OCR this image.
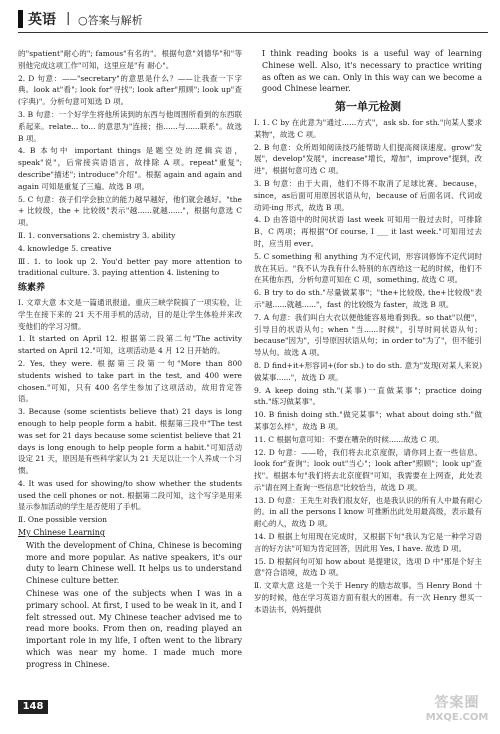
英语 | ○答案与解析

的"spatient"耐心的"; famous"有名的"。根据句意"刘德华"和"等别他完成这项工作"可知，这里应是"有 耐心"。

2. D 句意：——"secretary"的意思是什么？——让我查一下字典。look at"看"; look for"寻找"; look after"照顾"; look up"查(字典)"。分析句意可知选 D 项。

3. B 句意：一个好学生将他所读到的东西与他周围所看到的东西联系起来。relate... to... 的意思为"连接；指......与......联系"。故选 B 项。

4. B 本句中 important things 是题空处的逻辑宾语，speak"说"，后常接宾语语言，故排除 A 项。repeat"重复"; describe"描述"; introduce"介绍"。根据 again and again and again 可知是重复了三遍。故选 B 项。

5. C 句意：孩子们学会独立的能力越早越好，他们就会越好。"the + 比较级，the + 比较级"表示"越......就越......"，根据句意选 C 项。

Ⅱ. 1. conversations 2. chemistry 3. ability

4. knowledge 5. creative

Ⅲ. 1. to look up 2. You'd better pay more attention to traditional culture. 3. paying attention 4. listening to

练素养

Ⅰ. 文章大意 本文是一篇通讯报道。重庆三峡学院搞了一项实验，让学生在接下来的 21 天不用手机的活动，目的是让学生体验并来改变他们的学习习惯。

1. It started on April 12. 根据第二段第二句"The activity started on April 12."可知，这项活动是 4 月 12 日开始的。

2. Yes, they were. 根据第三段第一句"More than 800 students wished to take part in the test, and 400 were chosen."可知，只有 400 名学生参加了这项活动，故用肯定答语。

3. Because (some scientists believe that) 21 days is long enough to help people form a habit. 根据第三段中"The test was set for 21 days because some scientist believe that 21 days is long enough to help people form a habit."可知活动设定 21 天，原因是有些科学家认为 21 天足以让一个人养成一个习惯。

4. It was used for showing/to show whether the students used the cell phones or not. 根据第二段可知，这个写字是用来显示参加活动的学生是否使用了手机。

Ⅱ. One possible version

My Chinese Learning

With the development of China, Chinese is becoming more and more popular. As native speakers, it's our duty to learn Chinese well. It helps us to understand Chinese culture better.

Chinese was one of the subjects when I was in a primary school. At first, I used to be weak in it, and I felt stressed out. My Chinese teacher advised me to read more books. From then on, reading played an important role in my life, I often went to the library which was near my home. I made much more progress in Chinese.

I think reading books is a useful way of learning Chinese well. Also, it's necessary to practice writing as often as we can. Only in this way can we become a good Chinese learner.

第一单元检测

Ⅰ. 1. C by 在此意为"通过......方式"，ask sb. for sth."向某人要求某物"，故选 C 项。

2. B 句意：众所周知阅读技巧能帮助人们提高阅读速度。grow"发展"，develop"发展"，increase"增长，增加"，improve"提到，改进"，根据句意可选 C 项。

3. B 句意：由于大雨，他们不得不取消了足球比赛。because，since，as后面可用原因状语从句，because of 后面名词、代词或动词-ing 形式，故选 B 项。

4. D 由答语中的时间状语 last week 可知用一般过去时，可排除 B、C 两项；再根据"Of course, I ___ it last week."可知用过去时，应当用 ever。

5. C something 和 anything 为不定代词，形容词修饰不定代词时放在其后。"我不认为我有什么特别的东西给这一起的时候，他们不在其他东西，分析句意可知在 C 项，something, 故选 C 项。

6. B try to do sth."尽量做某事"；"the+比较级, the+比较级"表示"越......就越......"，fast 的比较级为 faster，故选 B 项。

7. A 句意：我们叫白大衣以便他能容易地看到我。so that"以便"，引导目的状语从句；when "当......时候"，引导时间状语从句；because"因为"，引导原因状语从句；in order to"为了"，但不能引导从句。故选 A 项。

8. D find+it+形容词+(for sb.) to do sth. 意为"发现(对某人来说)做某事......"，故选 D 项。

9. A keep doing sth."(某事)一直做某事"；practice doing sth."练习做某事"。

10. B finish doing sth."做完某事"；what about doing sth."做某事怎么样"，故选 B 项。

11. C 根据句意可知：不要在嘈杂的时候......故选 C 项。

12. D 句意：——哈，我们将去北京度假，请你同上查一些信息。look for"查询"；look out"当心"；look after"照顾"；look up"查找"。根据本句"我们将去北京度假"可知，我需要在上网查，此处表示"请在网上查询一些信息"比较恰当，故选 D 项。

13. D 句意：王先生对我们很友好，也是我认识的所有人中最有耐心的。in all the persons I know 可推断出此处用最高级，表示最有耐心的人，故选 D 项。

14. D 根据上句用现在完成时，又根据下句"我认为它是一种学习语言的好方法"可知为肯定回答，因此用 Yes, I have. 故选 D 项。

15. D 根据问句可知 how about 是提建议，选项 D 中"那是个好主意"符合语境，故选 D 项。

Ⅱ. 文章大意 这是一个关于 Henry 的励志故事。当 Henry Bond 十岁的时候，他在学习英语方面有很大的困难。有一次 Henry 想买一本语法书，妈妈提供

148	答案圈
MXQE.COM
